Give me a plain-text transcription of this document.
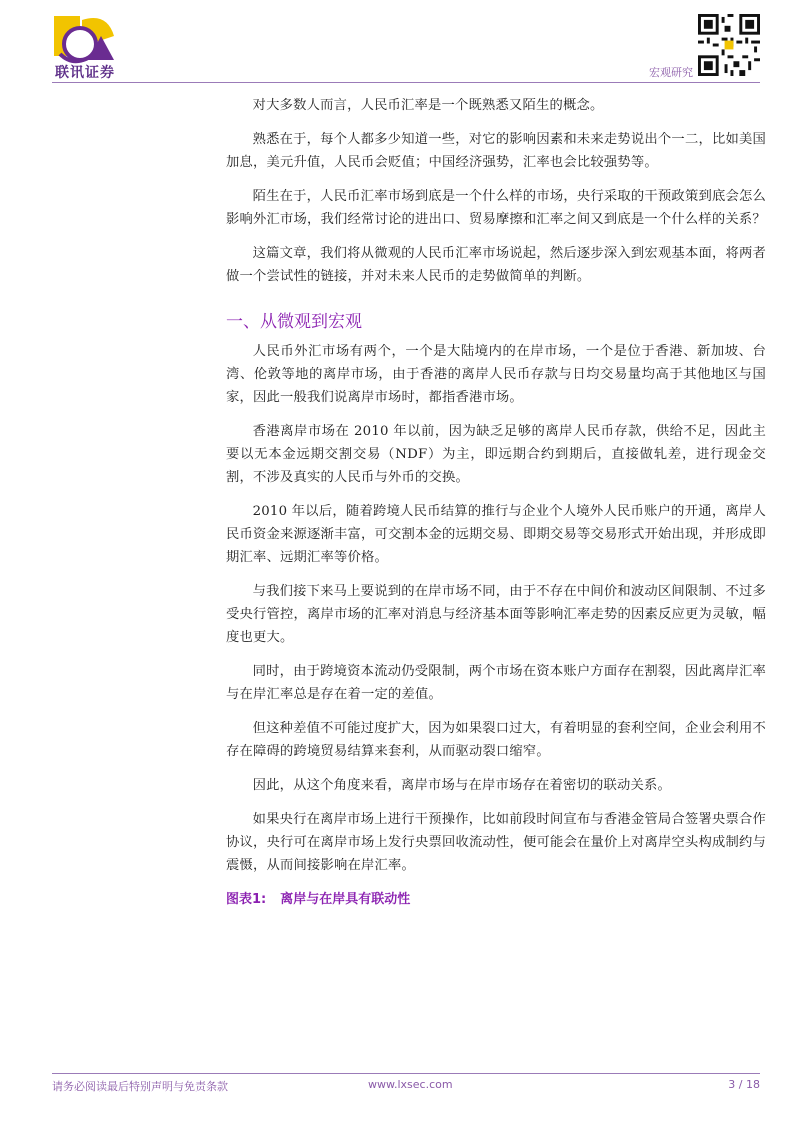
联讯证券	宏观研究

对大多数人而言，人民币汇率是一个既熟悉又陌生的概念。

熟悉在于，每个人都多少知道一些，对它的影响因素和未来走势说出个一二，比如美国加息，美元升值，人民币会贬值；中国经济强势，汇率也会比较强势等。

陌生在于，人民币汇率市场到底是一个什么样的市场，央行采取的干预政策到底会怎么影响外汇市场，我们经常讨论的进出口、贸易摩擦和汇率之间又到底是一个什么样的关系？

这篇文章，我们将从微观的人民币汇率市场说起，然后逐步深入到宏观基本面，将两者做一个尝试性的链接，并对未来人民币的走势做简单的判断。

一、从微观到宏观

人民币外汇市场有两个，一个是大陆境内的在岸市场，一个是位于香港、新加坡、台湾、伦敦等地的离岸市场，由于香港的离岸人民币存款与日均交易量均高于其他地区与国家，因此一般我们说离岸市场时，都指香港市场。

香港离岸市场在 2010 年以前，因为缺乏足够的离岸人民币存款，供给不足，因此主要以无本金远期交割交易（NDF）为主，即远期合约到期后，直接做轧差，进行现金交割，不涉及真实的人民币与外币的交换。

2010 年以后，随着跨境人民币结算的推行与企业个人境外人民币账户的开通，离岸人民币资金来源逐渐丰富，可交割本金的远期交易、即期交易等交易形式开始出现，并形成即期汇率、远期汇率等价格。

与我们接下来马上要说到的在岸市场不同，由于不存在中间价和波动区间限制、不过多受央行管控，离岸市场的汇率对消息与经济基本面等影响汇率走势的因素反应更为灵敏，幅度也更大。

同时，由于跨境资本流动仍受限制，两个市场在资本账户方面存在割裂，因此离岸汇率与在岸汇率总是存在着一定的差值。

但这种差值不可能过度扩大，因为如果裂口过大，有着明显的套利空间，企业会利用不存在障碍的跨境贸易结算来套利，从而驱动裂口缩窄。

因此，从这个角度来看，离岸市场与在岸市场存在着密切的联动关系。

如果央行在离岸市场上进行干预操作，比如前段时间宣布与香港金管局合签署央票合作协议，央行可在离岸市场上发行央票回收流动性，便可能会在量价上对离岸空头构成制约与震慑，从而间接影响在岸汇率。

图表1: 离岸与在岸具有联动性
请务必阅读最后特别声明与免责条款	www.lxsec.com	3 / 18
